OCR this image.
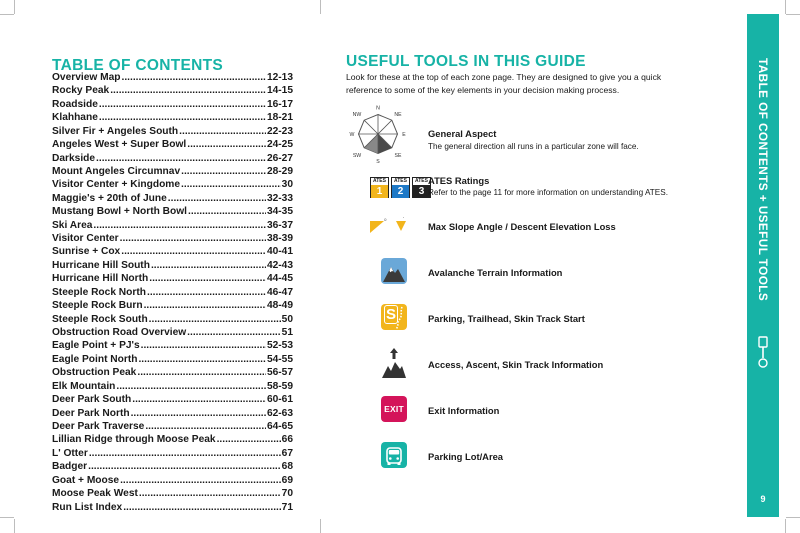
TABLE OF CONTENTS
Overview Map .....	12-13
Rocky Peak .....	14-15
Roadside .....	16-17
Klahhane .....	18-21
Silver Fir + Angeles South .....	22-23
Angeles West + Super Bowl .....	24-25
Darkside .....	26-27
Mount Angeles Circumnav .....	28-29
Visitor Center + Kingdome .....	30
Maggie's + 20th of June .....	32-33
Mustang Bowl + North Bowl .....	34-35
Ski Area .....	36-37
Visitor Center .....	38-39
Sunrise + Cox .....	40-41
Hurricane Hill South .....	42-43
Hurricane Hill North .....	44-45
Steeple Rock North .....	46-47
Steeple Rock Burn .....	48-49
Steeple Rock South .....	50
Obstruction Road Overview .....	51
Eagle Point + PJ's .....	52-53
Eagle Point North .....	54-55
Obstruction Peak .....	56-57
Elk Mountain .....	58-59
Deer Park South .....	60-61
Deer Park North .....	62-63
Deer Park Traverse .....	64-65
Lillian Ridge through Moose Peak .....	66
L' Otter .....	67
Badger .....	68
Goat + Moose .....	69
Moose Peak West .....	70
Run List Index .....	71
USEFUL TOOLS IN THIS GUIDE

Look for these at the top of each zone page. They are designed to give you a quick reference to some of the key elements in your decision making process.

N
NE
E
SE
S
SW
W
NW
General Aspect
The general direction all runs in a particular zone will face.
ATES
1
ATES
2
ATES
3
ATES Ratings
Refer to the page 11 for more information on understanding ATES.
o	'
Max Slope Angle / Descent Elevation Loss
Avalanche Terrain Information
S	Parking, Trailhead, Skin Track Start
Access, Ascent, Skin Track Information
EXIT	Exit Information
Parking Lot/Area
TABLE OF CONTENTS + USEFUL TOOLS
9
